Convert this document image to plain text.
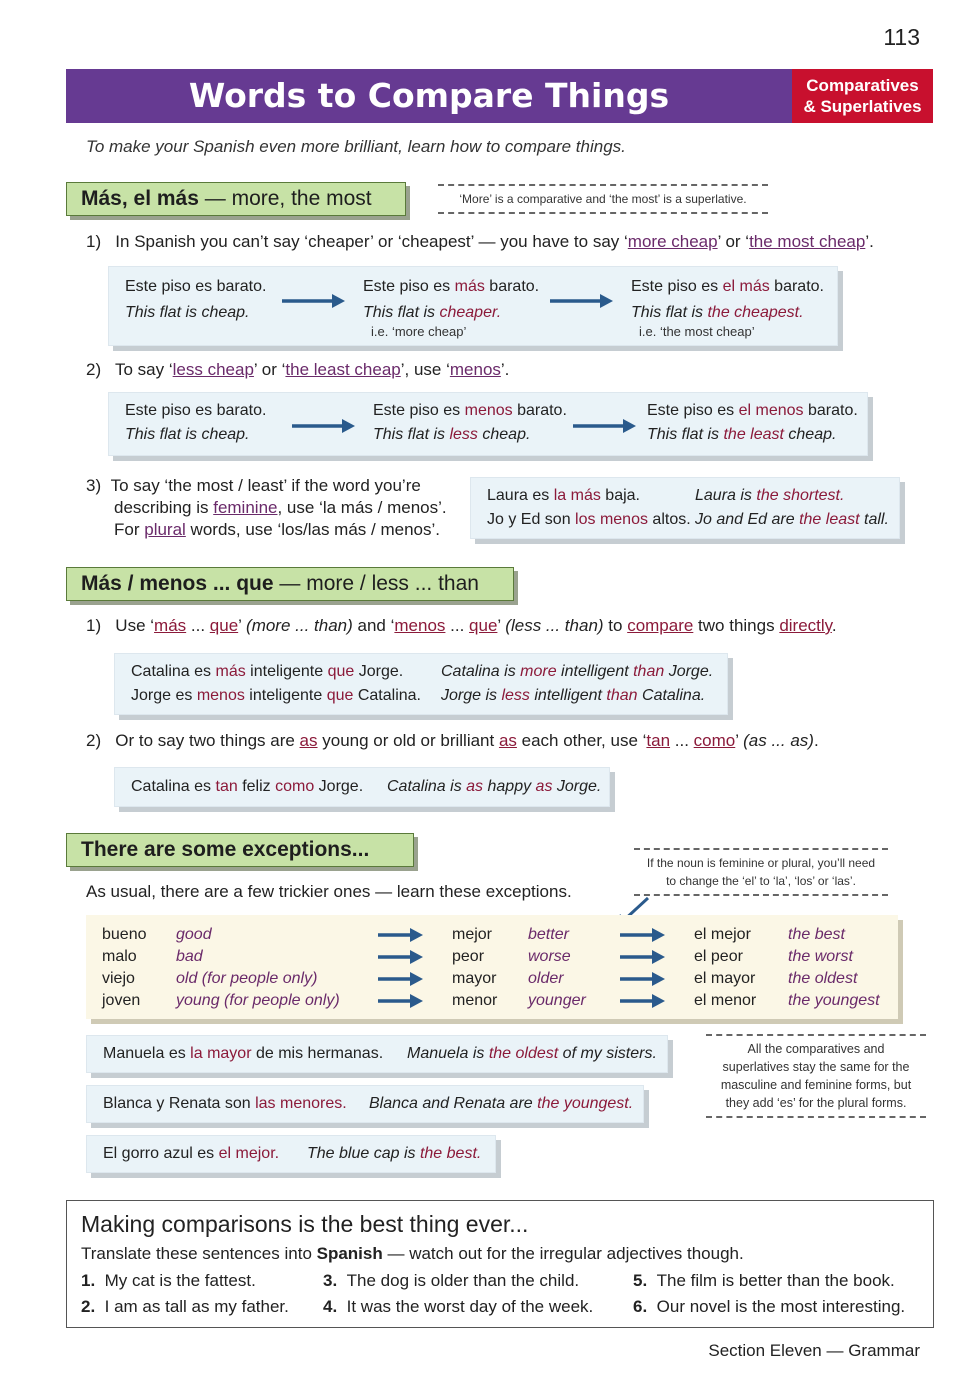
113
Words to Compare Things	Comparatives
& Superlatives
To make your Spanish even more brilliant, learn how to compare things.
Más, el más — more, the most	‘More’ is a comparative and ‘the most’ is a superlative.
1) In Spanish you can’t say ‘cheaper’ or ‘cheapest’ — you have to say ‘more cheap’ or ‘the most cheap’.
Este piso es barato.
This flat is cheap.
Este piso es más barato.
This flat is cheaper.
i.e. ‘more cheap’
Este piso es el más barato.
This flat is the cheapest.
i.e. ‘the most cheap’
2) To say ‘less cheap’ or ‘the least cheap’, use ‘menos’.
Este piso es barato.
This flat is cheap.
Este piso es menos barato.
This flat is less cheap.
Este piso es el menos barato.
This flat is the least cheap.
3) To say ‘the most / least’ if the word you’re
describing is feminine, use ‘la más / menos’.
For plural words, use ‘los/las más / menos’.
Laura es la más baja.	Laura is the shortest.
Jo y Ed son los menos altos. Jo and Ed are the least tall.
Más / menos ... que — more / less ... than
1) Use ‘más ... que’ (more ... than) and ‘menos ... que’ (less ... than) to compare two things directly.
Catalina es más inteligente que Jorge. Catalina is more intelligent than Jorge.
Jorge es menos inteligente que Catalina. Jorge is less intelligent than Catalina.
2) Or to say two things are as young or old or brilliant as each other, use ‘tan ... como’ (as ... as).
Catalina es tan feliz como Jorge. Catalina is as happy as Jorge.
There are some exceptions...
As usual, there are a few trickier ones — learn these exceptions.
If the noun is feminine or plural, you’ll need to change the ‘el’ to ‘la’, ‘los’ or ‘las’.
bueno good	mejor better	el mejor the best
malo bad	peor	worse	el peor	the worst
viejo	old (for people only)	mayor older	el mayor the oldest
joven young (for people only)	menor younger	el menor the youngest
Manuela es la mayor de mis hermanas. Manuela is the oldest of my sisters.
Blanca y Renata son las menores. Blanca and Renata are the youngest.
El gorro azul es el mejor. The blue cap is the best.
All the comparatives and superlatives stay the same for the masculine and feminine forms, but they add ‘es’ for the plural forms.
Making comparisons is the best thing ever...
Translate these sentences into Spanish — watch out for the irregular adjectives though.
1. My cat is the fattest.
2. I am as tall as my father.
3. The dog is older than the child.
4. It was the worst day of the week.
5. The film is better than the book.
6. Our novel is the most interesting.
Section Eleven — Grammar
